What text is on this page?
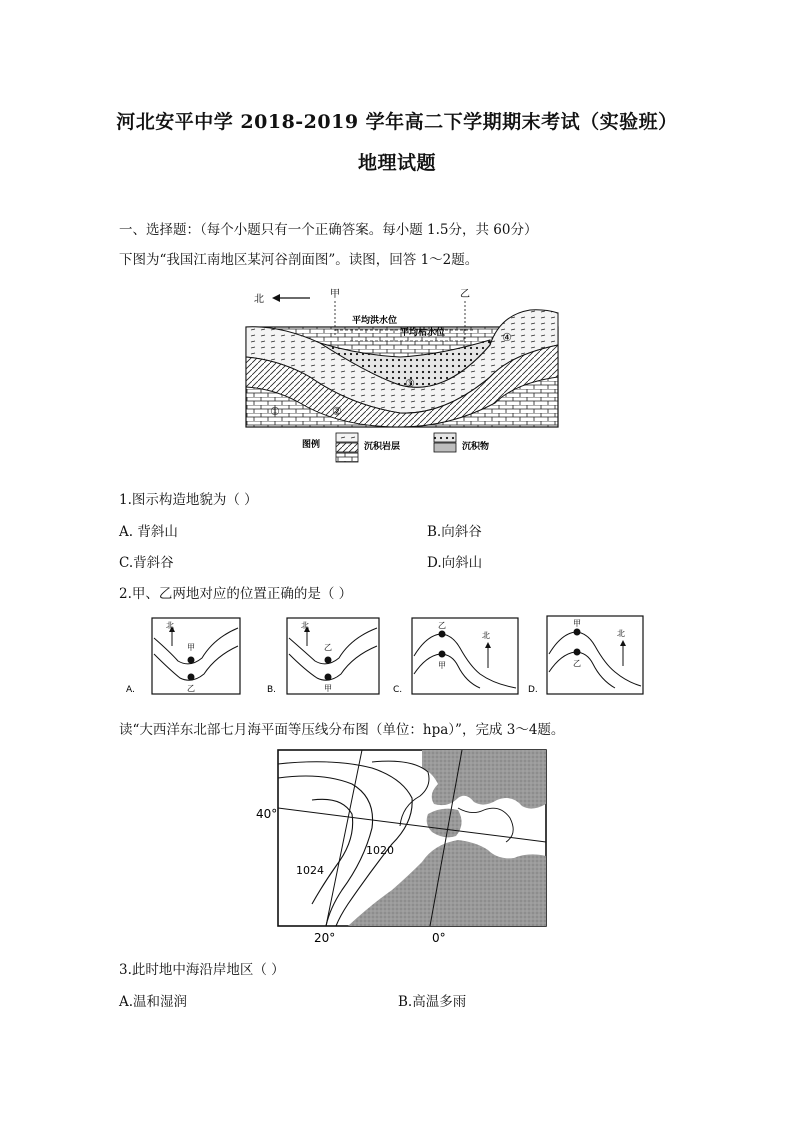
河北安平中学 2018-2019 学年高二下学期期末考试（实验班）
地理试题
一、选择题：（每个小题只有一个正确答案。每小题 1.5分，共 60分）
下图为“我国江南地区某河谷剖面图”。读图，回答 1～2题。
北	甲	乙
平均洪水位
平均枯水位
①	②
③
④
图例	沉积岩层	沉积物
1.图示构造地貌为（ ）
A. 背斜山	B.向斜谷
C.背斜谷	D.向斜山
2.甲、乙两地对应的位置正确的是（ ）
北
甲
乙
A.
北
乙
甲
B.
北
乙
甲
C.
北
甲
乙
D.
读“大西洋东北部七月海平面等压线分布图（单位：hpa）”，完成 3～4题。
40°
1024
1020
20°	0°
3.此时地中海沿岸地区（ ）
A.温和湿润	B.高温多雨
